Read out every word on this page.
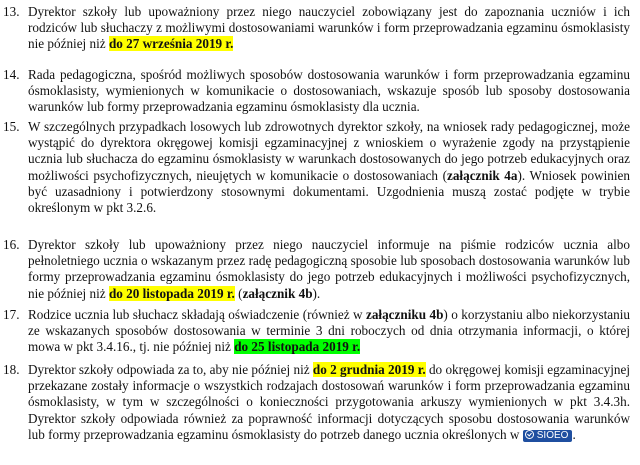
13. Dyrektor szkoły lub upoważniony przez niego nauczyciel zobowiązany jest do zapoznania uczniów i ich rodziców lub słuchaczy z możliwymi dostosowaniami warunków i form przeprowadzania egzaminu ósmoklasisty nie później niż do 27 września 2019 r.
14. Rada pedagogiczna, spośród możliwych sposobów dostosowania warunków i form przeprowadzania egzaminu ósmoklasisty, wymienionych w komunikacie o dostosowaniach, wskazuje sposób lub sposoby dostosowania warunków lub formy przeprowadzania egzaminu ósmoklasisty dla ucznia.
15. W szczególnych przypadkach losowych lub zdrowotnych dyrektor szkoły, na wniosek rady pedagogicznej, może wystąpić do dyrektora okręgowej komisji egzaminacyjnej z wnioskiem o wyrażenie zgody na przystąpienie ucznia lub słuchacza do egzaminu ósmoklasisty w warunkach dostosowanych do jego potrzeb edukacyjnych oraz możliwości psychofizycznych, nieujętych w komunikacie o dostosowaniach (załącznik 4a). Wniosek powinien być uzasadniony i potwierdzony stosownymi dokumentami. Uzgodnienia muszą zostać podjęte w trybie określonym w pkt 3.2.6.
16. Dyrektor szkoły lub upoważniony przez niego nauczyciel informuje na piśmie rodziców ucznia albo pełnoletniego ucznia o wskazanym przez radę pedagogiczną sposobie lub sposobach dostosowania warunków lub formy przeprowadzania egzaminu ósmoklasisty do jego potrzeb edukacyjnych i możliwości psychofizycznych, nie później niż do 20 listopada 2019 r. (załącznik 4b).
17. Rodzice ucznia lub słuchacz składają oświadczenie (również w załączniku 4b) o korzystaniu albo niekorzystaniu ze wskazanych sposobów dostosowania w terminie 3 dni roboczych od dnia otrzymania informacji, o której mowa w pkt 3.4.16., tj. nie później niż do 25 listopada 2019 r.
18. Dyrektor szkoły odpowiada za to, aby nie później niż do 2 grudnia 2019 r. do okręgowej komisji egzaminacyjnej przekazane zostały informacje o wszystkich rodzajach dostosowań warunków i form przeprowadzania egzaminu ósmoklasisty, w tym w szczególności o konieczności przygotowania arkuszy wymienionych w pkt 3.4.3h. Dyrektor szkoły odpowiada również za poprawność informacji dotyczących sposobu dostosowania warunków lub formy przeprowadzania egzaminu ósmoklasisty do potrzeb danego ucznia określonych w SIOEO .
